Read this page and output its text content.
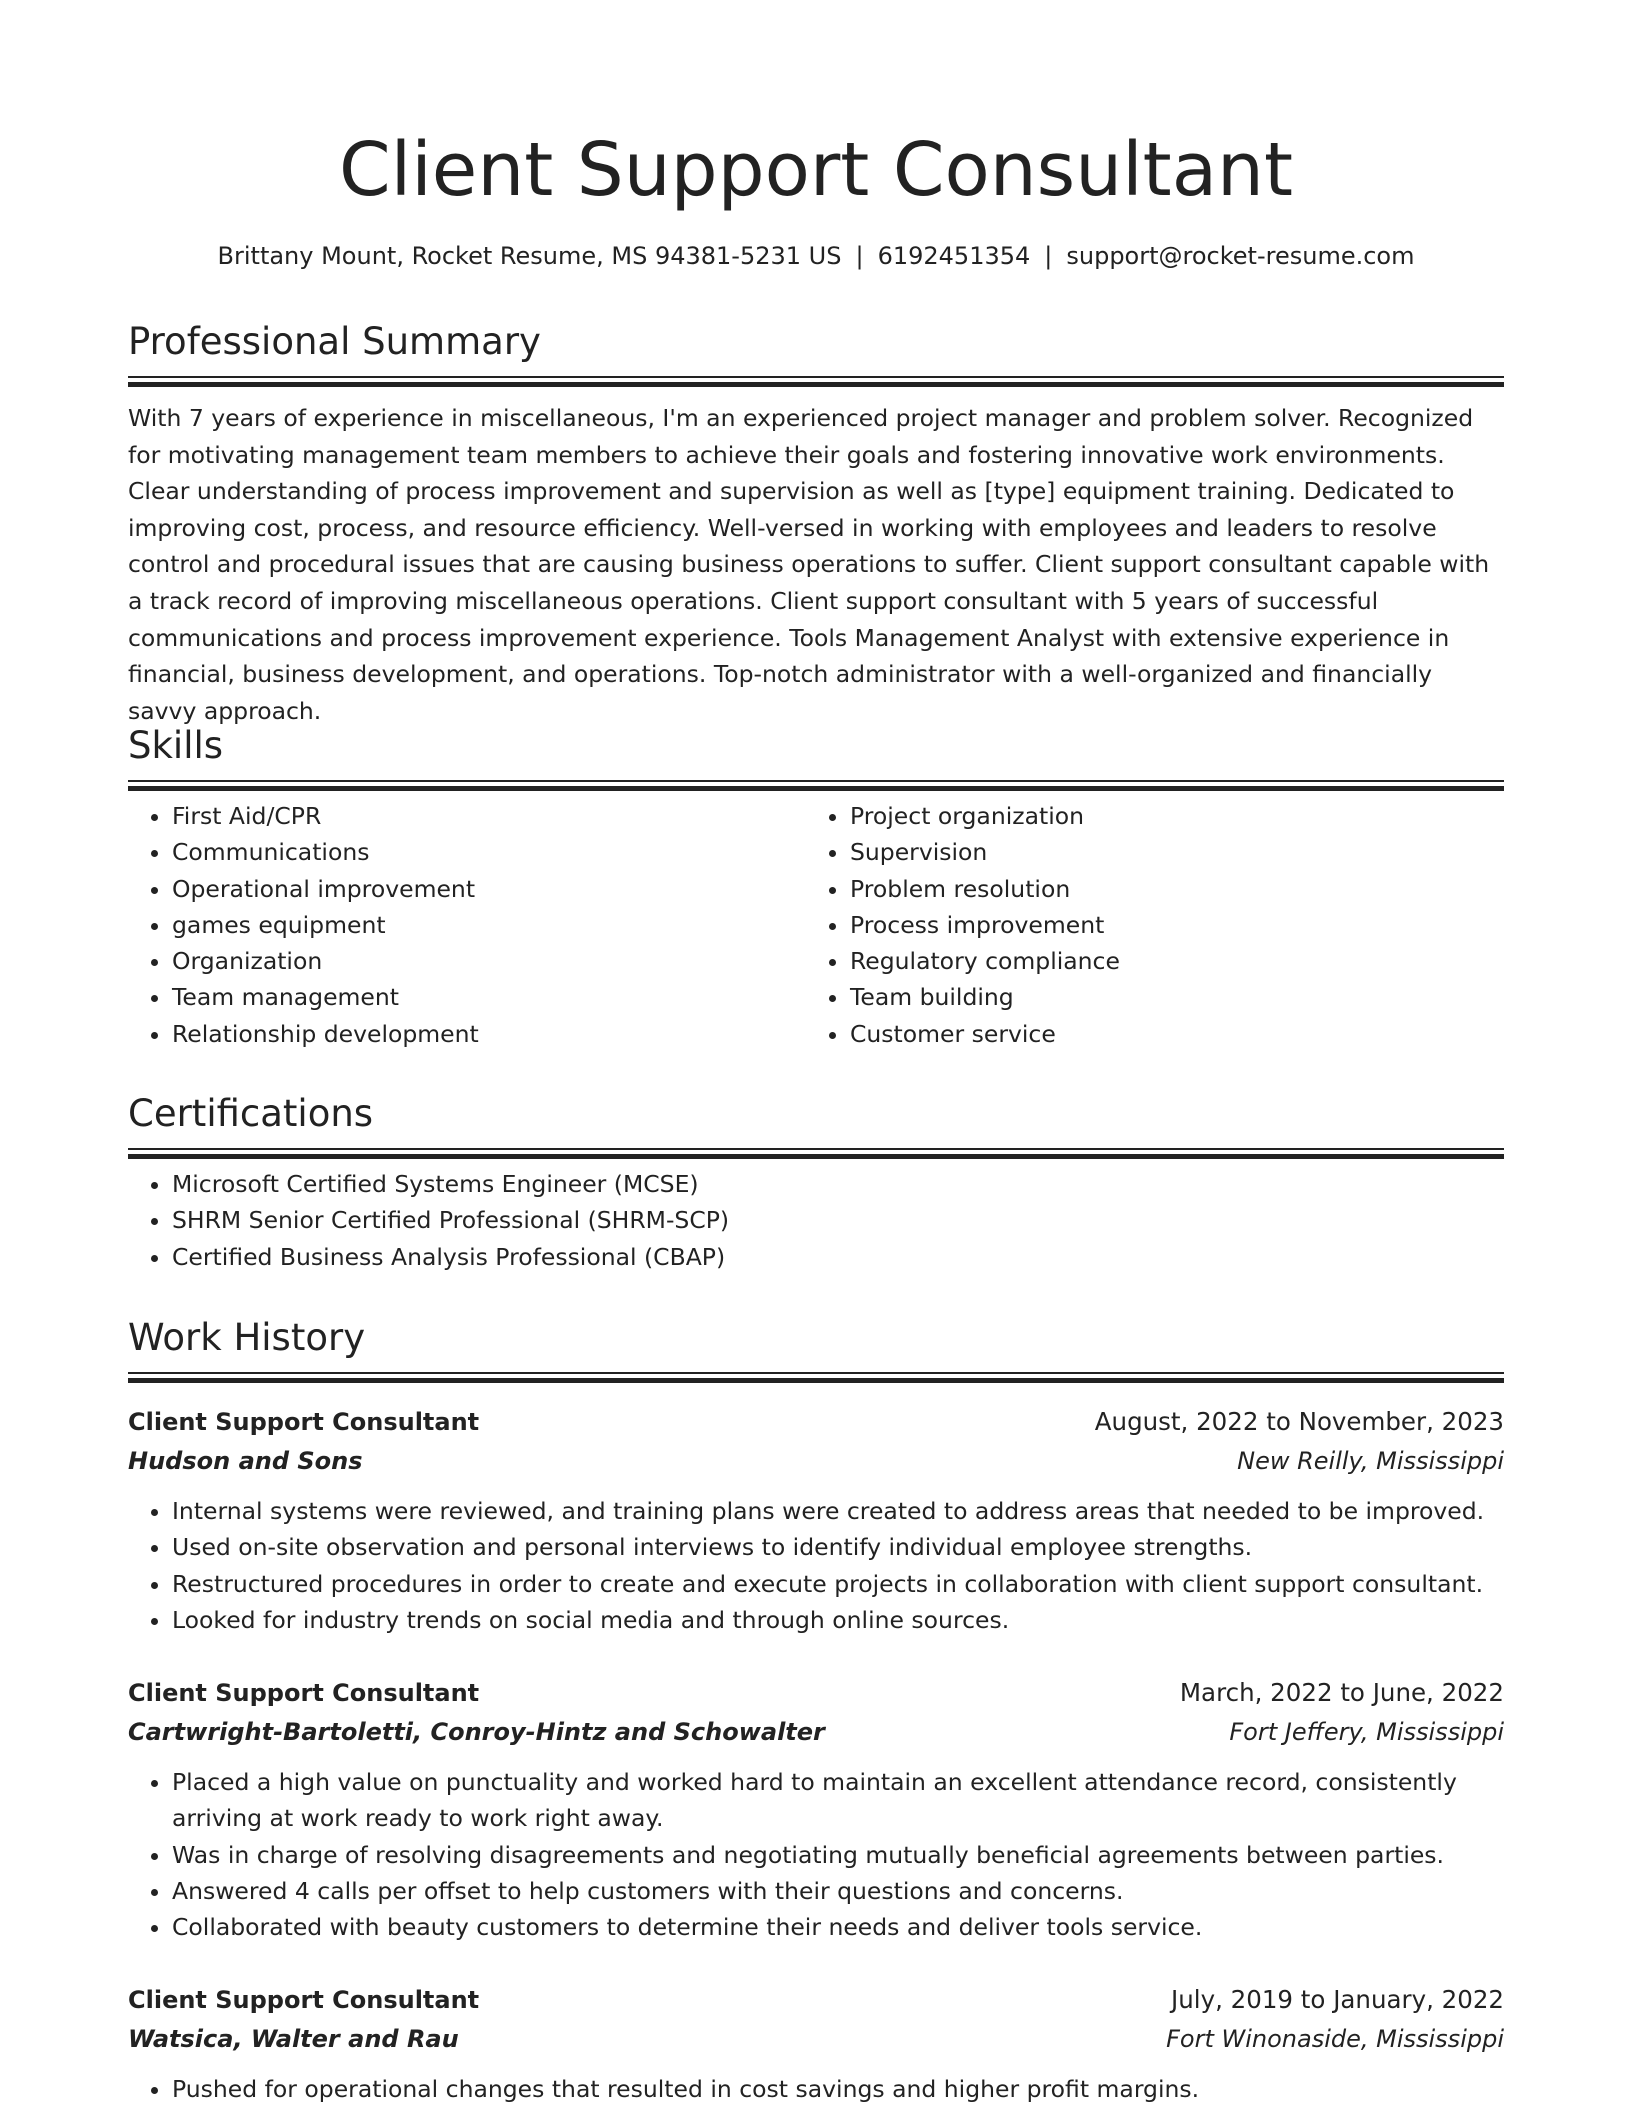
Client Support Consultant
Brittany Mount, Rocket Resume, MS 94381-5231 US | 6192451354 | support@rocket-resume.com
Professional Summary

With 7 years of experience in miscellaneous, I'm an experienced project manager and problem solver. Recognized for motivating management team members to achieve their goals and fostering innovative work environments. Clear understanding of process improvement and supervision as well as [type] equipment training. Dedicated to improving cost, process, and resource efficiency. Well-versed in working with employees and leaders to resolve control and procedural issues that are causing business operations to suffer. Client support consultant capable with a track record of improving miscellaneous operations. Client support consultant with 5 years of successful communications and process improvement experience. Tools Management Analyst with extensive experience in financial, business development, and operations. Top-notch administrator with a well-organized and financially savvy approach.

Skills
• First Aid/CPR
• Communications
• Operational improvement
• games equipment
• Organization
• Team management
• Relationship development
• Project organization
• Supervision
• Problem resolution
• Process improvement
• Regulatory compliance
• Team building
• Customer service
Certifications
• Microsoft Certified Systems Engineer (MCSE)
• SHRM Senior Certified Professional (SHRM-SCP)
• Certified Business Analysis Professional (CBAP)
Work History
Client Support Consultant	August, 2022 to November, 2023
Hudson and Sons	New Reilly, Mississippi
• Internal systems were reviewed, and training plans were created to address areas that needed to be improved.
• Used on-site observation and personal interviews to identify individual employee strengths.
• Restructured procedures in order to create and execute projects in collaboration with client support consultant.
• Looked for industry trends on social media and through online sources.
Client Support Consultant	March, 2022 to June, 2022
Cartwright-Bartoletti, Conroy-Hintz and Schowalter	Fort Jeffery, Mississippi
• Placed a high value on punctuality and worked hard to maintain an excellent attendance record, consistently arriving at work ready to work right away.
• Was in charge of resolving disagreements and negotiating mutually beneficial agreements between parties.
• Answered 4 calls per offset to help customers with their questions and concerns.
• Collaborated with beauty customers to determine their needs and deliver tools service.
Client Support Consultant	July, 2019 to January, 2022
Watsica, Walter and Rau	Fort Winonaside, Mississippi
• Pushed for operational changes that resulted in cost savings and higher profit margins.
